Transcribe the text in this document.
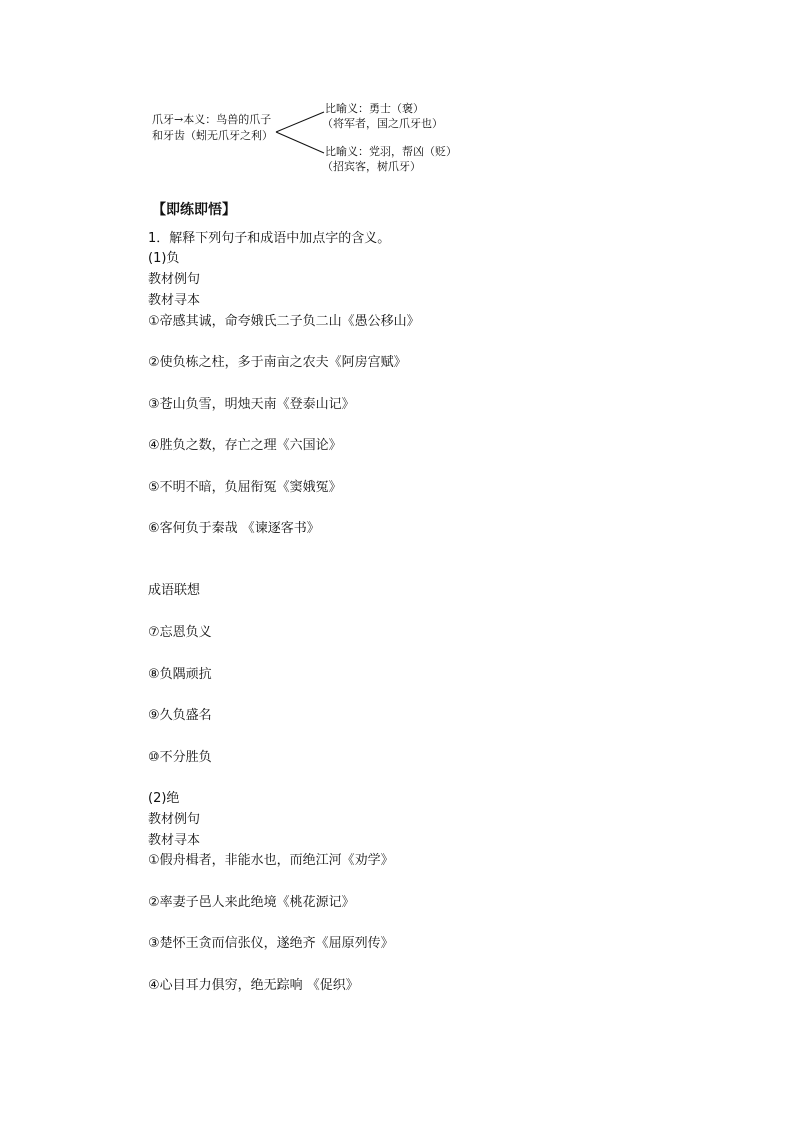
爪牙→本义：鸟兽的爪子
和牙齿（蚓无爪牙之利）
比喻义：勇士（褒）
（将军者，国之爪牙也）
比喻义：党羽，帮凶（贬）
（招宾客，树爪牙）
【即练即悟】
1．解释下列句子和成语中加点字的含义。
(1)负
教材例句
教材寻本
①帝感其诚，命夸娥氏二子负二山《愚公移山》
②使负栋之柱，多于南亩之农夫《阿房宫赋》
③苍山负雪，明烛天南《登泰山记》
④胜负之数，存亡之理《六国论》
⑤不明不暗，负屈衔冤《窦娥冤》
⑥客何负于秦哉 《谏逐客书》
成语联想
⑦忘恩负义
⑧负隅顽抗
⑨久负盛名
⑩不分胜负
(2)绝
教材例句
教材寻本
①假舟楫者，非能水也，而绝江河《劝学》
②率妻子邑人来此绝境《桃花源记》
③楚怀王贪而信张仪，遂绝齐《屈原列传》
④心目耳力俱穷，绝无踪响 《促织》
